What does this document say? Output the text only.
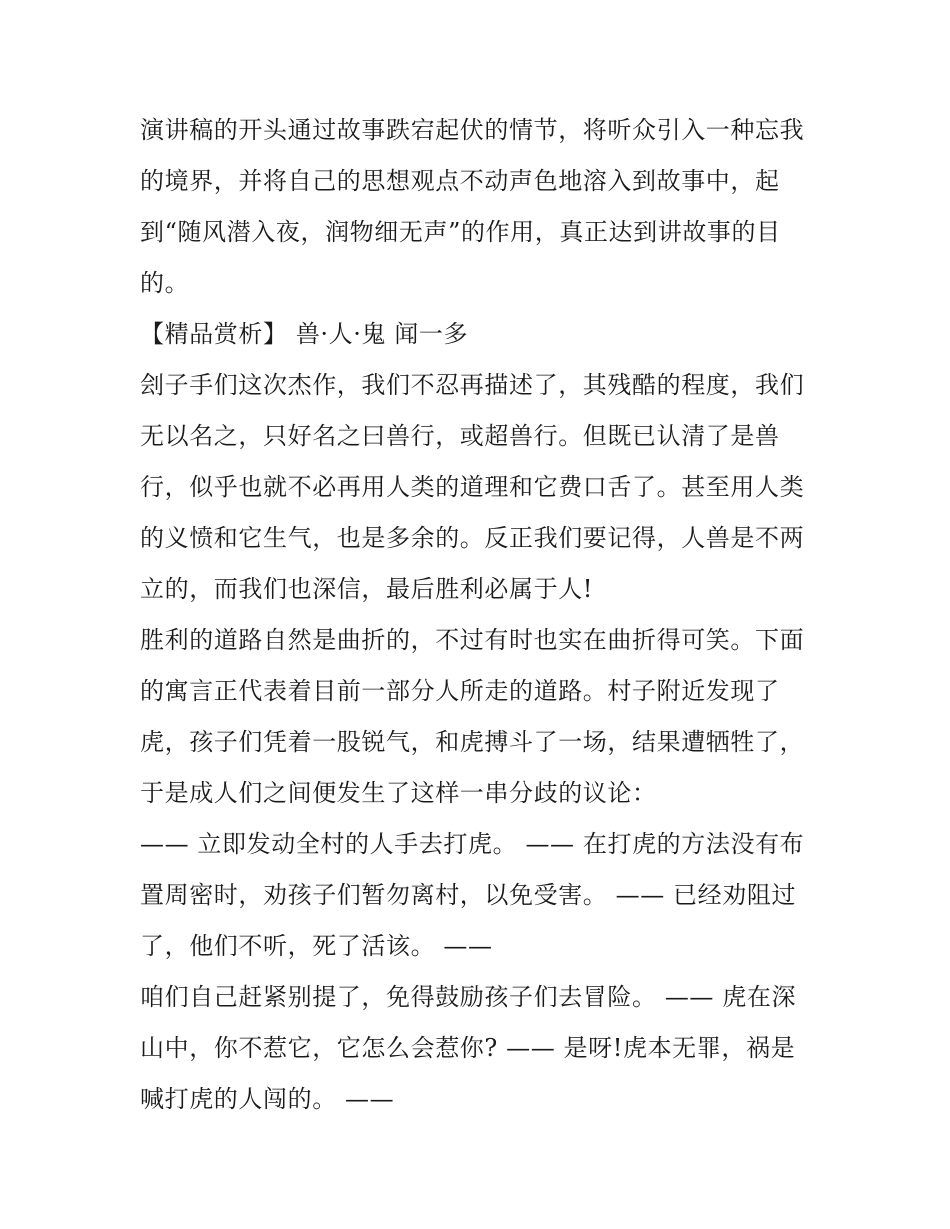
演讲稿的开头通过故事跌宕起伏的情节，将听众引入一种忘我
的境界，并将自己的思想观点不动声色地溶入到故事中，起
到“随风潜入夜，润物细无声”的作用，真正达到讲故事的目
的。
【精品赏析】 兽·人·鬼 闻一多
刽子手们这次杰作，我们不忍再描述了，其残酷的程度，我们
无以名之，只好名之曰兽行，或超兽行。但既已认清了是兽
行，似乎也就不必再用人类的道理和它费口舌了。甚至用人类
的义愤和它生气，也是多余的。反正我们要记得，人兽是不两
立的，而我们也深信，最后胜利必属于人!
胜利的道路自然是曲折的，不过有时也实在曲折得可笑。下面
的寓言正代表着目前一部分人所走的道路。村子附近发现了
虎，孩子们凭着一股锐气，和虎搏斗了一场，结果遭牺牲了，
于是成人们之间便发生了这样一串分歧的议论：
—— 立即发动全村的人手去打虎。 —— 在打虎的方法没有布
置周密时，劝孩子们暂勿离村，以免受害。 —— 已经劝阻过
了，他们不听，死了活该。 ——
咱们自己赶紧别提了，免得鼓励孩子们去冒险。 —— 虎在深
山中，你不惹它，它怎么会惹你? —— 是呀!虎本无罪，祸是
喊打虎的人闯的。 ——
